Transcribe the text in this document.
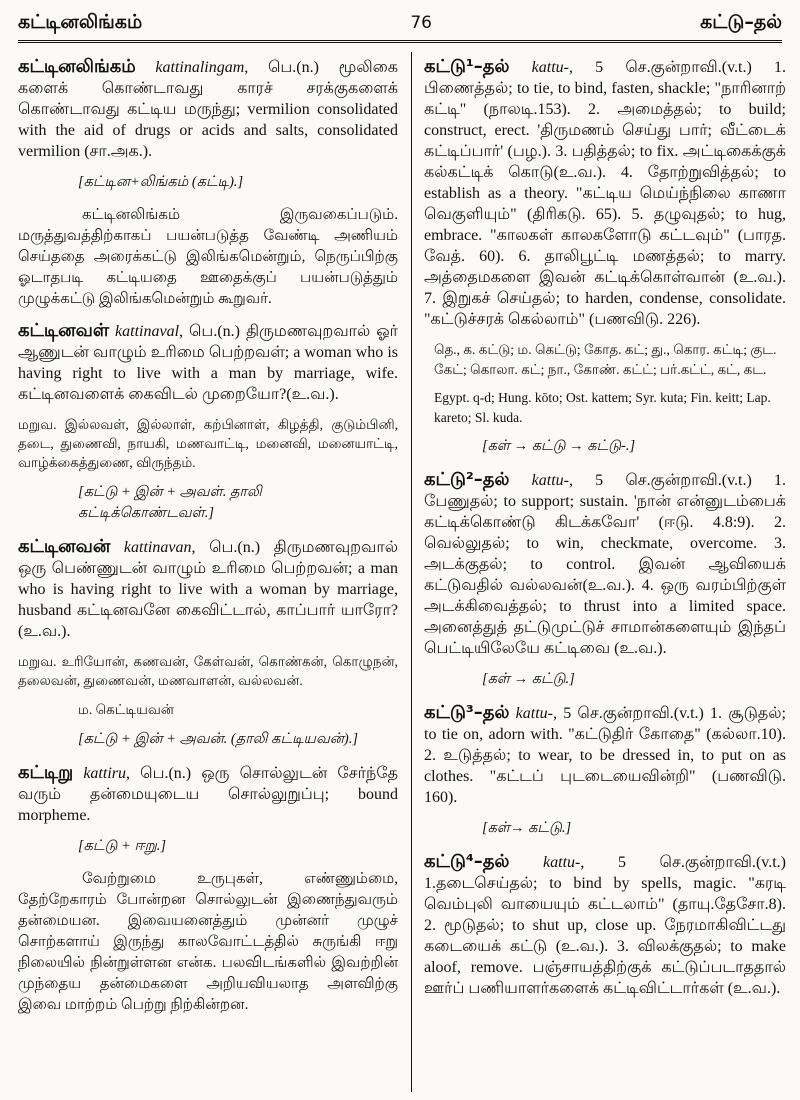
கட்டினலிங்கம்	76	கட்டு–தல்
கட்டினலிங்கம் kattinalingam, பெ.(n.) மூலிகை களைக் கொண்டாவது காரச் சரக்குகளைக் கொண்டாவது கட்டிய மருந்து; vermilion consolidated with the aid of drugs or acids and salts, consolidated vermilion (சா.அக.).
[கட்டின+லிங்கம் (கட்டி).]
கட்டினலிங்கம் இருவகைப்படும். மருத்துவத்திற்காகப் பயன்படுத்த வேண்டி அணியம் செய்ததை அரைக்கட்டு இலிங்கமென்றும், நெருப்பிற்கு ஓடாதபடி கட்டியதை ஊதைக்குப் பயன்படுத்தும் முழுக்கட்டு இலிங்கமென்றும் கூறுவர்.
கட்டினவள் kattinaval, பெ.(n.) திருமணவுறவால் ஓர் ஆணுடன் வாழும் உரிமை பெற்றவள்; a woman who is having right to live with a man by marriage, wife. கட்டினவளைக் கைவிடல் முறையோ?(உ.வ.).
மறுவ. இல்லவள், இல்லாள், கற்பினாள், கிழத்தி, குடும்பினி, தடை, துணைவி, நாயகி, மணவாட்டி, மனைவி, மனையாட்டி, வாழ்க்கைத்துணை, விருந்தம்.
[கட்டு + இன் + அவள். தாலி கட்டிக்கொண்டவள்.]
கட்டினவன் kattinavan, பெ.(n.) திருமணவுறவால் ஒரு பெண்ணுடன் வாழும் உரிமை பெற்றவன்; a man who is having right to live with a woman by marriage, husband கட்டினவனே கைவிட்டால், காப்பார் யாரோ? (உ.வ.).
மறுவ. உரியோன், கணவன், கேள்வன், கொண்கன், கொழுநன், தலைவன், துணைவன், மணவாளன், வல்லவன்.
ம. கெட்டியவன்
[கட்டு + இன் + அவன். (தாலி கட்டியவன்).]
கட்டிறு kattiru, பெ.(n.) ஒரு சொல்லுடன் சேர்ந்தே வரும் தன்மையுடைய சொல்லுறுப்பு; bound morpheme.
[கட்டு + ஈறு.]
வேற்றுமை உருபுகள், எண்ணும்மை, தேற்றேகாரம் போன்றன சொல்லுடன் இணைந்துவரும் தன்மையன. இவையனைத்தும் முன்னர் முழுச் சொற்களாய் இருந்து காலவோட்டத்தில் சுருங்கி ஈறு நிலையில் நின்றுள்ளன என்க. பலவிடங்களில் இவற்றின் முந்தைய தன்மைகளை அறியவியலாத அளவிற்கு இவை மாற்றம் பெற்று நிற்கின்றன.
கட்டு¹–தல் kattu-, 5 செ.குன்றாவி.(v.t.) 1. பிணைத்தல்; to tie, to bind, fasten, shackle; "நாரினாற் கட்டி" (நாலடி.153). 2. அமைத்தல்; to build; construct, erect. 'திருமணம் செய்து பார்; வீட்டைக் கட்டிப்பார்' (பழ.). 3. பதித்தல்; to fix. அட்டிகைக்குக் கல்கட்டிக் கொடு(உ.வ.). 4. தோற்றுவித்தல்; to establish as a theory. "கட்டிய மெய்ந்நிலை காணா வெகுளியும்" (திரிகடு. 65). 5. தழுவுதல்; to hug, embrace. "காலகள் காலகளோடு கட்டவும்" (பாரத. வேத். 60). 6. தாலிபூட்டி மணத்தல்; to marry. அத்தைமகளை இவன் கட்டிக்கொள்வான் (உ.வ.). 7. இறுகச் செய்தல்; to harden, condense, consolidate. "கட்டுச்சரக் கெல்லாம்" (பணவிடு. 226).
தெ., க. கட்டு; ம. கெட்டு; கோத. கட்; து., கொர. கட்டி; குட. கேட்; கொலா. கட்; நா., கோண். கட்ட்; பர்.கட்ட், கட், கட.
Egypt. q-d; Hung. kōto; Ost. kattem; Syr. kuta; Fin. keitt; Lap. kareto; Sl. kuda.
[கள் → கட்டு → கட்டு-.]
கட்டு²–தல் kattu-, 5 செ.குன்றாவி.(v.t.) 1. பேணுதல்; to support; sustain. 'நான் என்னுடம்பைக் கட்டிக்கொண்டு கிடக்கவோ' (ஈடு. 4.8:9). 2. வெல்லுதல்; to win, checkmate, overcome. 3. அடக்குதல்; to control. இவன் ஆவியைக் கட்டுவதில் வல்லவன்(உ.வ.). 4. ஒரு வரம்பிற்குள் அடக்கிவைத்தல்; to thrust into a limited space. அனைத்துத் தட்டுமுட்டுச் சாமான்களையும் இந்தப் பெட்டியிலேயே கட்டிவை (உ.வ.).
[கள் → கட்டு.]
கட்டு³–தல் kattu-, 5 செ.குன்றாவி.(v.t.) 1. சூடுதல்; to tie on, adorn with. "கட்டுதிர் கோதை" (கல்லா.10). 2. உடுத்தல்; to wear, to be dressed in, to put on as clothes. "கட்டப் புடடையைவின்றி" (பணவிடு. 160).
[கள்→ கட்டு.]
கட்டு⁴–தல் kattu-, 5 செ.குன்றாவி.(v.t.) 1.தடைசெய்தல்; to bind by spells, magic. "கரடி வெம்புலி வாயையும் கட்டலாம்" (தாயு.தேசோ.8). 2. மூடுதல்; to shut up, close up. நேரமாகிவிட்டது கடையைக் கட்டு (உ.வ.). 3. விலக்குதல்; to make aloof, remove. பஞ்சாயத்திற்குக் கட்டுப்படாததால் ஊர்ப் பணியாளர்களைக் கட்டிவிட்டார்கள் (உ.வ.).
